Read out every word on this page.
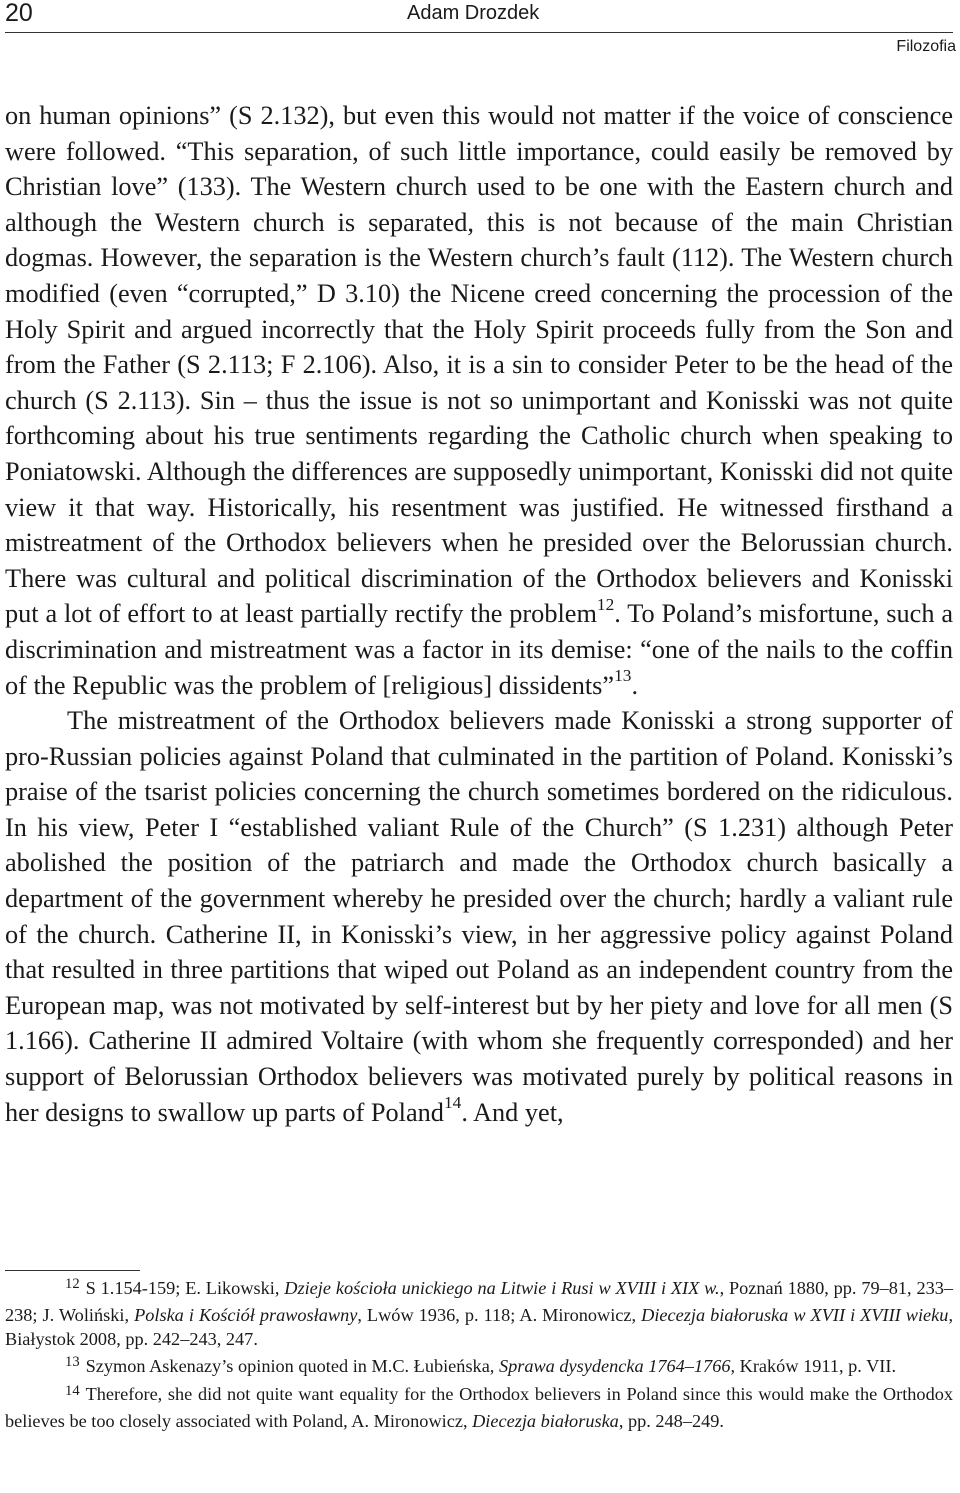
20	Adam Drozdek
Filozofia

on human opinions” (S 2.132), but even this would not matter if the voice of conscience were followed. “This separation, of such little importance, could easily be removed by Christian love” (133). The Western church used to be one with the Eastern church and although the Western church is separated, this is not because of the main Christian dogmas. However, the separation is the Western church’s fault (112). The Western church modified (even “corrupted,” D 3.10) the Nicene creed concerning the procession of the Holy Spirit and argued incorrectly that the Holy Spirit proceeds fully from the Son and from the Father (S 2.113; F 2.106). Also, it is a sin to consider Peter to be the head of the church (S 2.113). Sin – thus the issue is not so unimportant and Konisski was not quite forthcoming about his true sentiments regarding the Catholic church when speaking to Poniatowski. Although the differences are supposedly unimportant, Konisski did not quite view it that way. Historically, his resentment was justified. He witnessed firsthand a mistreatment of the Orthodox believers when he presided over the Belorussian church. There was cultural and political discrimination of the Orthodox believers and Konisski put a lot of effort to at least partially rectify the problem$^{12}$. To Poland’s misfortune, such a discrimination and mistreatment was a factor in its demise: “one of the nails to the coffin of the Republic was the problem of [religious] dissidents”$^{13}$.

The mistreatment of the Orthodox believers made Konisski a strong supporter of pro-Russian policies against Poland that culminated in the partition of Poland. Konisski’s praise of the tsarist policies concerning the church sometimes bordered on the ridiculous. In his view, Peter I “established valiant Rule of the Church” (S 1.231) although Peter abolished the position of the patriarch and made the Orthodox church basically a department of the government whereby he presided over the church; hardly a valiant rule of the church. Catherine II, in Konisski’s view, in her aggressive policy against Poland that resulted in three partitions that wiped out Poland as an independent country from the European map, was not motivated by self-interest but by her piety and love for all men (S 1.166). Catherine II admired Voltaire (with whom she frequently corresponded) and her support of Belorussian Orthodox believers was motivated purely by political reasons in her designs to swallow up parts of Poland$^{14}$. And yet,

$^{12}$ S 1.154-159; E. Likowski, Dzieje kościoła unickiego na Litwie i Rusi w XVIII i XIX w., Poznań 1880, pp. 79–81, 233–238; J. Woliński, Polska i Kościół prawosławny, Lwów 1936, p. 118; A. Mironowicz, Diecezja białoruska w XVII i XVIII wieku, Białystok 2008, pp. 242–243, 247.

$^{13}$ Szymon Askenazy’s opinion quoted in M.C. Łubieńska, Sprawa dysydencka 1764–1766, Kraków 1911, p. VII.

$^{14}$ Therefore, she did not quite want equality for the Orthodox believers in Poland since this would make the Orthodox believes be too closely associated with Poland, A. Mironowicz, Diecezja białoruska, pp. 248–249.
